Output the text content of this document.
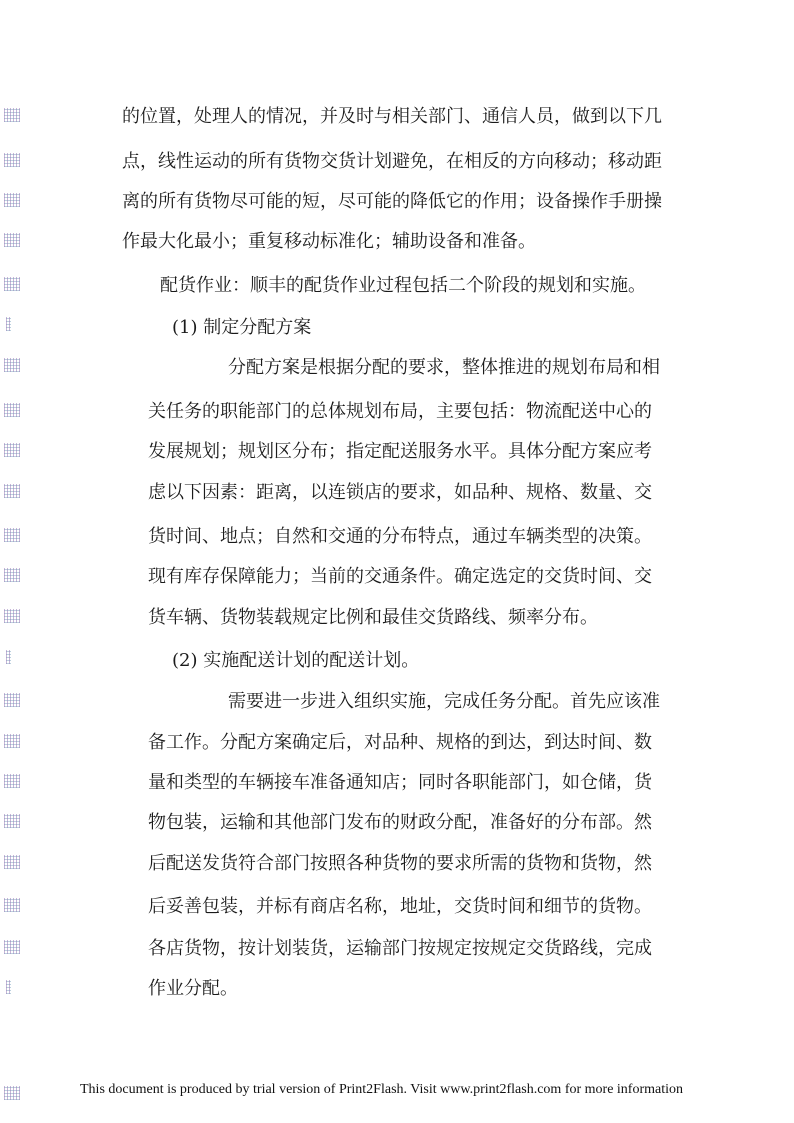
的位置，处理人的情况，并及时与相关部门、通信人员，做到以下几
点，线性运动的所有货物交货计划避免，在相反的方向移动；移动距
离的所有货物尽可能的短，尽可能的降低它的作用；设备操作手册操
作最大化最小；重复移动标准化；辅助设备和准备。
配货作业：顺丰的配货作业过程包括二个阶段的规划和实施。
(1) 制定分配方案
分配方案是根据分配的要求，整体推进的规划布局和相
关任务的职能部门的总体规划布局，主要包括：物流配送中心的
发展规划；规划区分布；指定配送服务水平。具体分配方案应考
虑以下因素：距离，以连锁店的要求，如品种、规格、数量、交
货时间、地点；自然和交通的分布特点，通过车辆类型的决策。
现有库存保障能力；当前的交通条件。确定选定的交货时间、交
货车辆、货物装载规定比例和最佳交货路线、频率分布。
(2) 实施配送计划的配送计划。
需要进一步进入组织实施，完成任务分配。首先应该准
备工作。分配方案确定后，对品种、规格的到达，到达时间、数
量和类型的车辆接车准备通知店；同时各职能部门，如仓储，货
物包装，运输和其他部门发布的财政分配，准备好的分布部。然
后配送发货符合部门按照各种货物的要求所需的货物和货物，然
后妥善包装，并标有商店名称，地址，交货时间和细节的货物。
各店货物，按计划装货，运输部门按规定按规定交货路线，完成
作业分配。
This document is produced by trial version of Print2Flash. Visit www.print2flash.com for more information
